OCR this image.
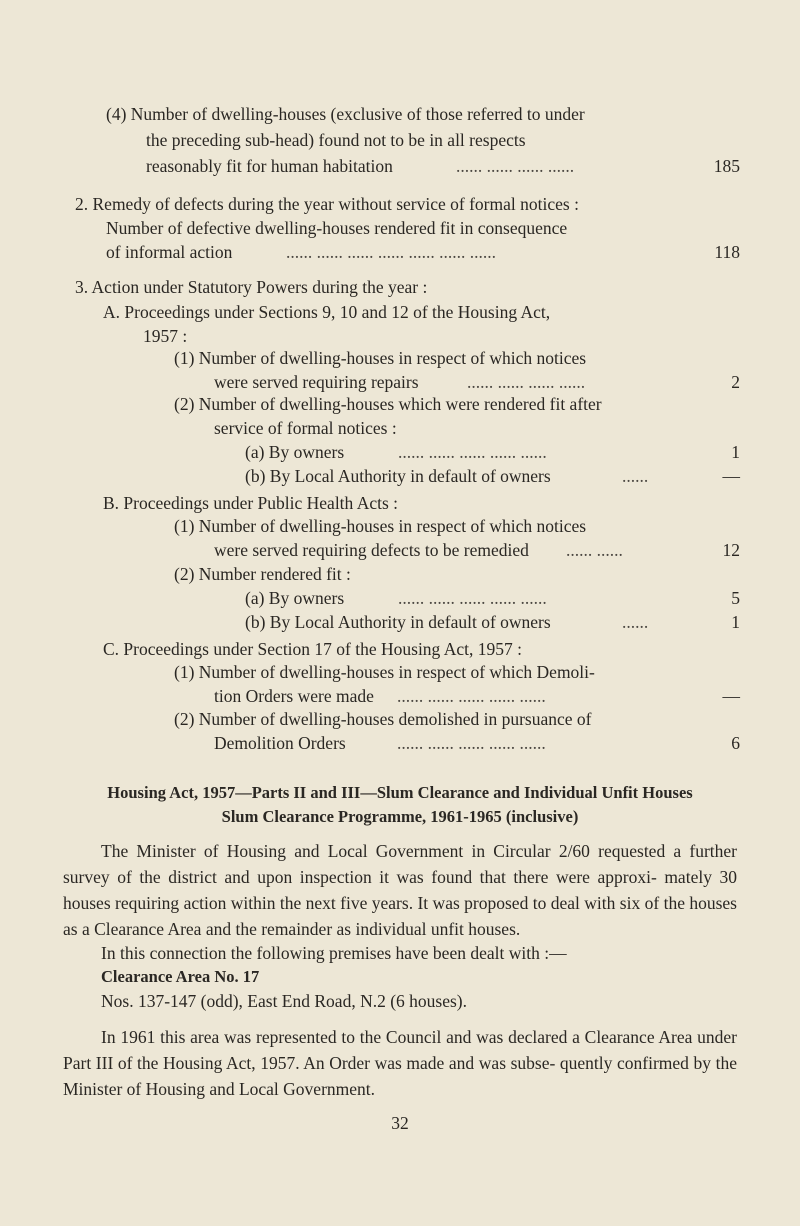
(4) Number of dwelling-houses (exclusive of those referred to under
the preceding sub-head) found not to be in all respects
reasonably fit for human habitation	...... ...... ...... ......	185
2. Remedy of defects during the year without service of formal notices :
Number of defective dwelling-houses rendered fit in consequence
of informal action	...... ...... ...... ...... ...... ...... ......	118
3. Action under Statutory Powers during the year :
A. Proceedings under Sections 9, 10 and 12 of the Housing Act,
1957 :
(1) Number of dwelling-houses in respect of which notices
were served requiring repairs	...... ...... ...... ......	2
(2) Number of dwelling-houses which were rendered fit after
service of formal notices :
(a) By owners	...... ...... ...... ...... ......	1
(b) By Local Authority in default of owners	......	—
B. Proceedings under Public Health Acts :
(1) Number of dwelling-houses in respect of which notices
were served requiring defects to be remedied ...... ......	12
(2) Number rendered fit :
(a) By owners	...... ...... ...... ...... ......	5
(b) By Local Authority in default of owners	......	1
C. Proceedings under Section 17 of the Housing Act, 1957 :
(1) Number of dwelling-houses in respect of which Demoli-
tion Orders were made ...... ...... ...... ...... ......	—
(2) Number of dwelling-houses demolished in pursuance of
Demolition Orders	...... ...... ...... ...... ......	6
Housing Act, 1957—Parts II and III—Slum Clearance and Individual Unfit Houses
Slum Clearance Programme, 1961-1965 (inclusive)
The Minister of Housing and Local Government in Circular 2/60 requested a further survey of the district and upon inspection it was found that there were approxi- mately 30 houses requiring action within the next five years. It was proposed to deal with six of the houses as a Clearance Area and the remainder as individual unfit houses.
In this connection the following premises have been dealt with :—
Clearance Area No. 17
Nos. 137-147 (odd), East End Road, N.2 (6 houses).
In 1961 this area was represented to the Council and was declared a Clearance Area under Part III of the Housing Act, 1957. An Order was made and was subse- quently confirmed by the Minister of Housing and Local Government.
32
